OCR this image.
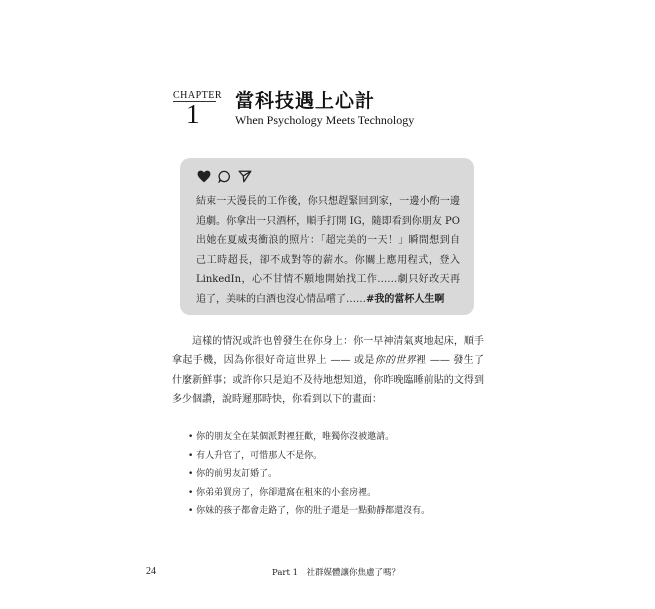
CHAPTER
1 當科技遇上心計
When Psychology Meets Technology
結束一天漫長的工作後，你只想趕緊回到家，一邊小酌一邊追劇。你拿出一只酒杯，順手打開 IG，隨即看到你朋友 PO 出她在夏威夷衝浪的照片：「超完美的一天！」瞬間想到自己工時超長，卻不成對等的薪水。你關上應用程式，登入 LinkedIn，心不甘情不願地開始找工作……劇只好改天再追了，美味的白酒也沒心情品嚐了……#我的當杯人生啊
這樣的情況或許也曾發生在你身上：你一早神清氣爽地起床，順手拿起手機，因為你很好奇這世界上 —— 或是你的世界裡 —— 發生了什麼新鮮事；或許你只是迫不及待地想知道，你昨晚臨睡前貼的文得到多少個讚，說時遲那時快，你看到以下的畫面：
• 你的朋友全在某個派對裡狂歡，唯獨你沒被邀請。
• 有人升官了，可惜那人不是你。
• 你的前男友訂婚了。
• 你弟弟買房了，你卻還窩在租來的小套房裡。
• 你妹的孩子都會走路了，你的肚子還是一點動靜都還沒有。
24	Part 1　社群媒體讓你焦慮了嗎？
